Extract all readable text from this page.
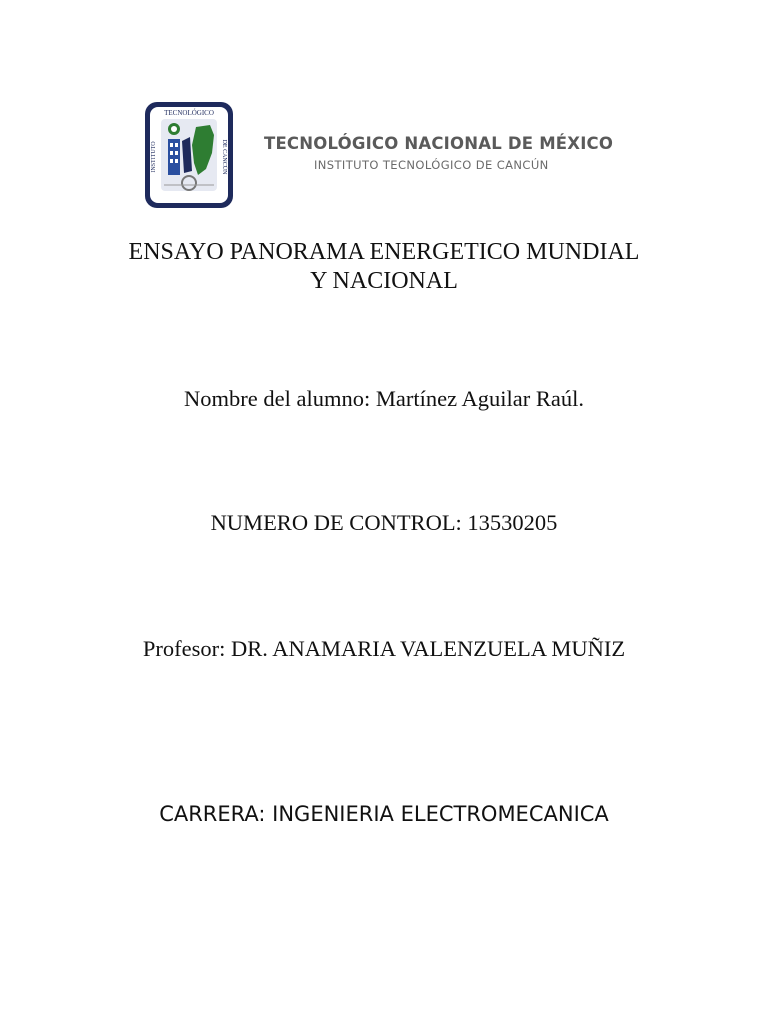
TECNOLÓGICO
INSTITUTO	DE CANCÚN TECNOLÓGICO NACIONAL DE MÉXICO
INSTITUTO TECNOLÓGICO DE CANCÚN
ENSAYO PANORAMA ENERGETICO MUNDIAL
Y NACIONAL
Nombre del alumno: Martínez Aguilar Raúl.
NUMERO DE CONTROL: 13530205
Profesor: DR. ANAMARIA VALENZUELA MUÑIZ
CARRERA: INGENIERIA ELECTROMECANICA
